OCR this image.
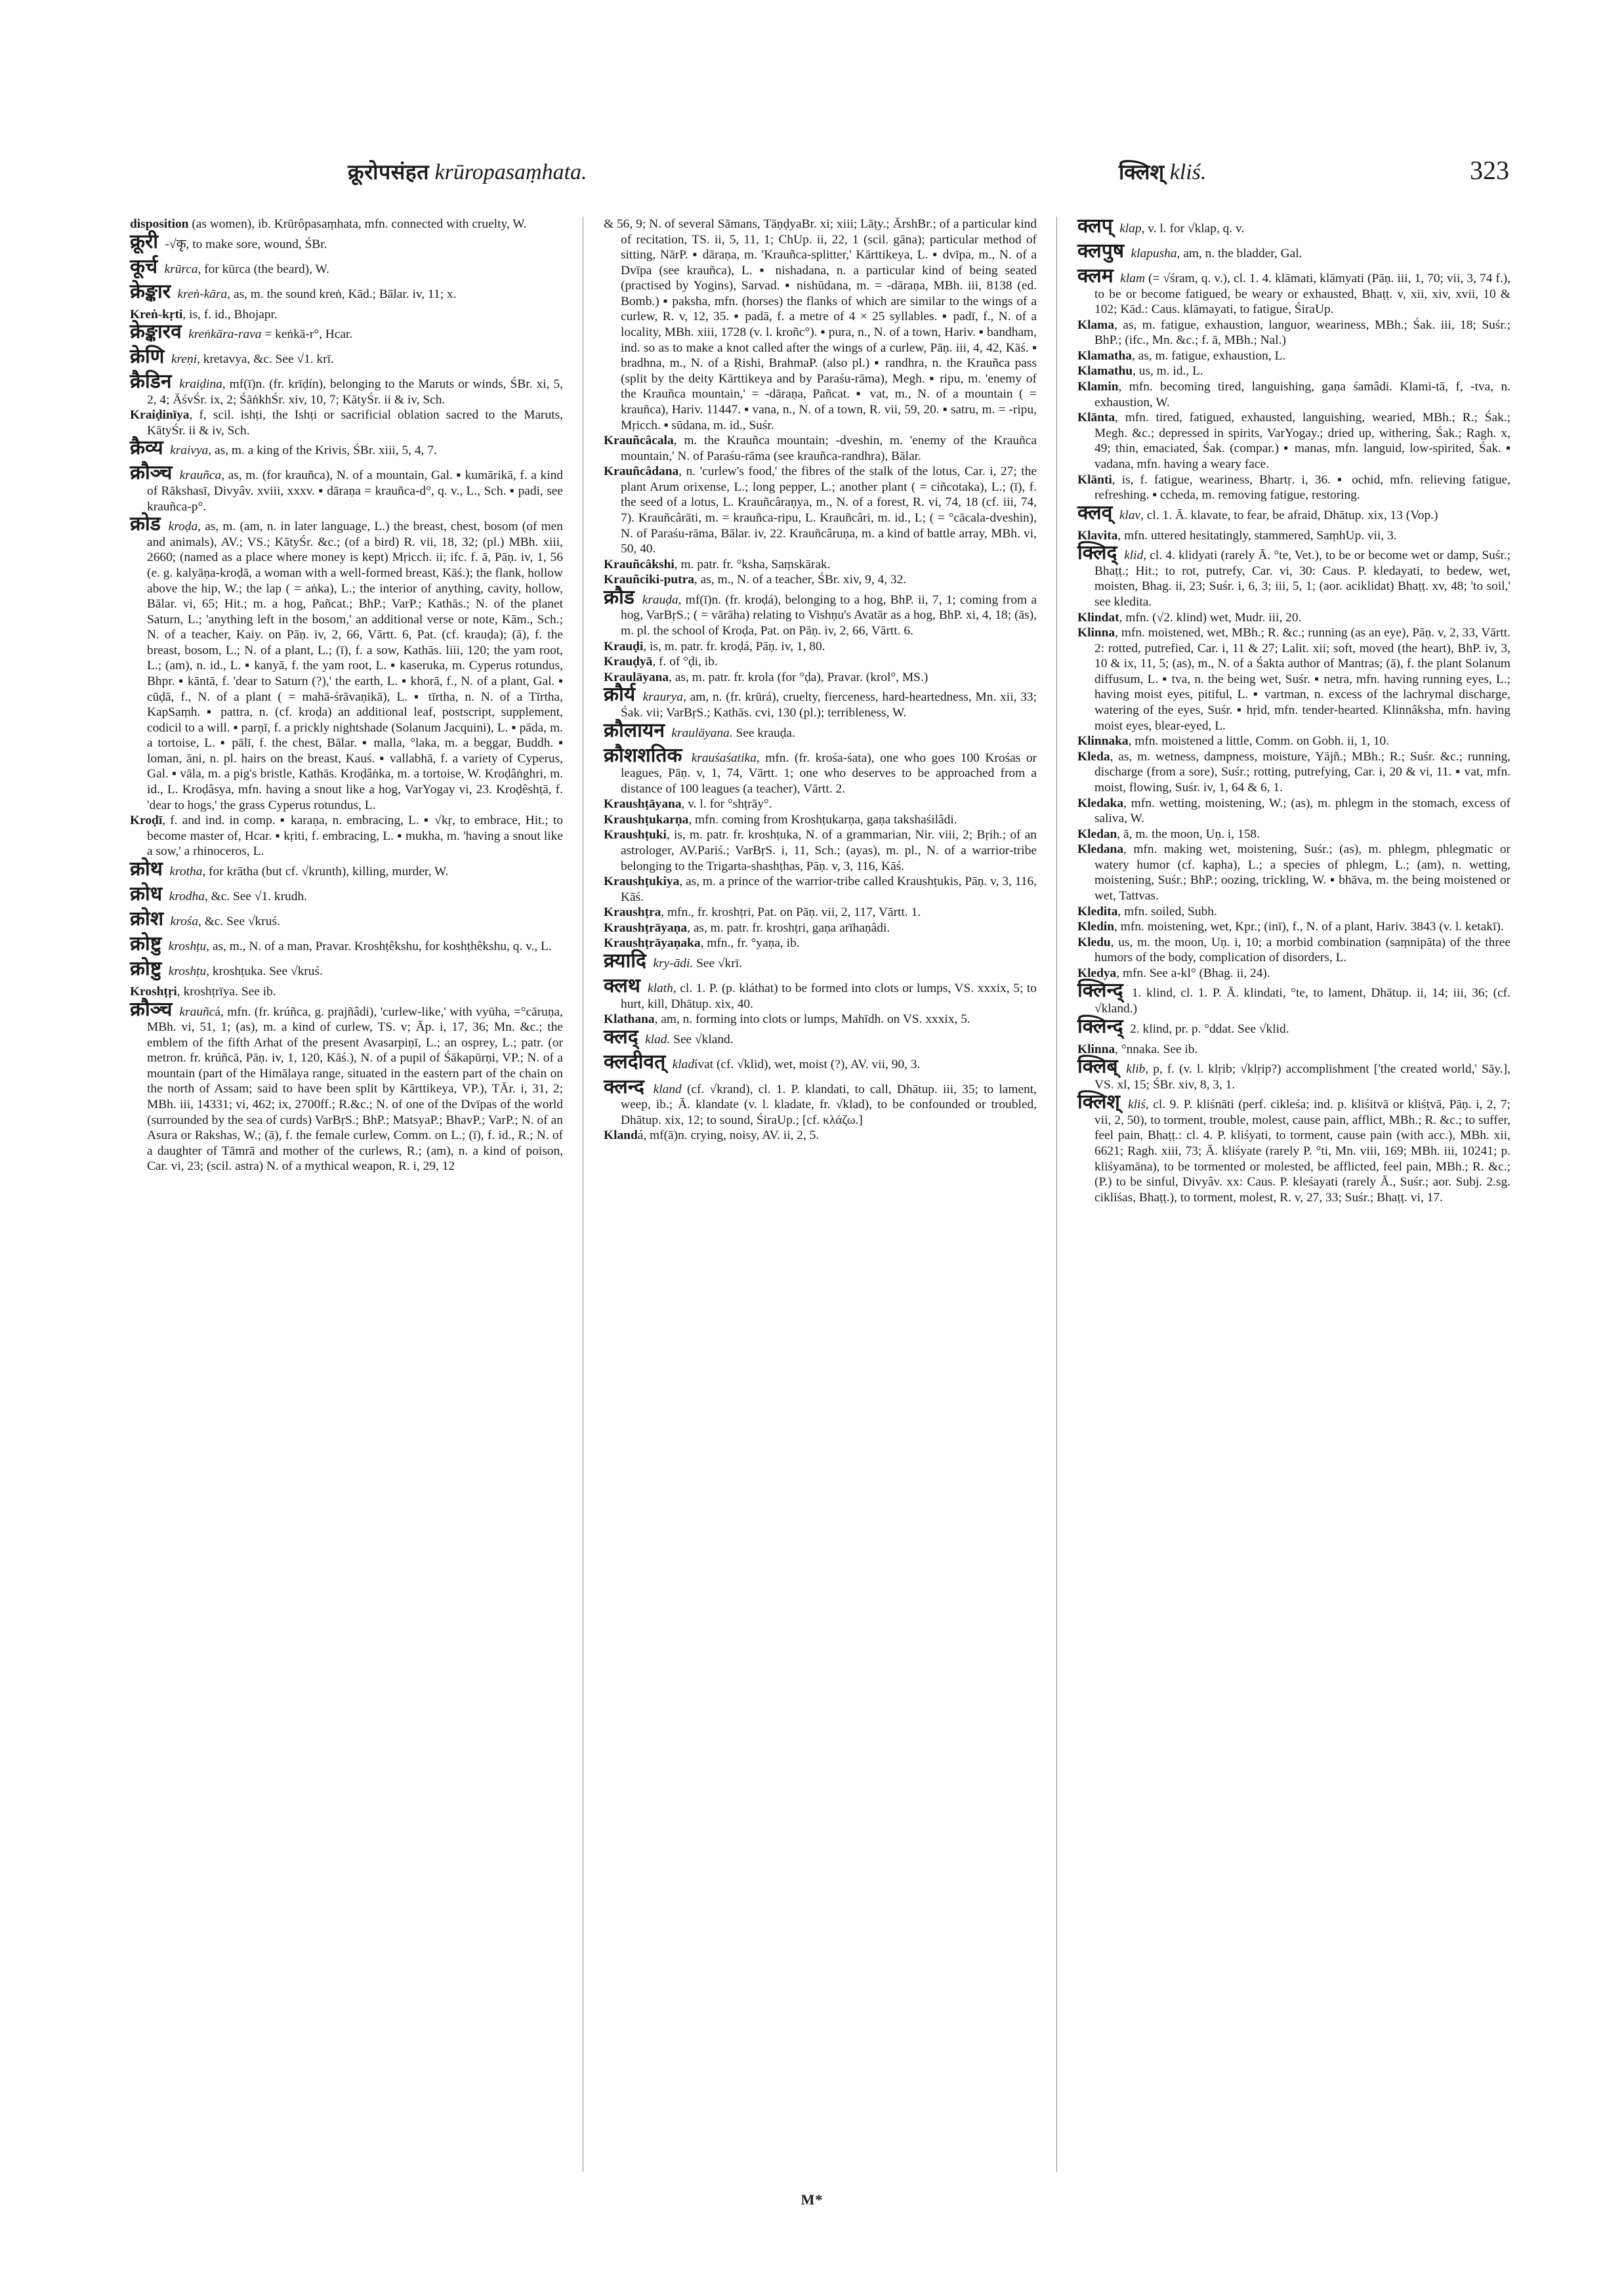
क्रूरोपसंहत krūropasaṃhata.	क्लिश् kliś.	323

disposition (as women), ib. Krūrôpasaṃhata, mfn. connected with cruelty, W.

क्रूरी -√कृ, to make sore, wound, ŚBr.

कूर्च krūrca, for kūrca (the beard), W.

क्रेङ्कार kreṅ-kāra, as, m. the sound kreṅ, Kād.; Bālar. iv, 11; x.

Kreṅ-kṛti, is, f. id., Bhojapr.

क्रेङ्कारव kreṅkāra-rava = keṅkā-r°, Hcar.

क्रेणि kreṇi, kretavya, &c. See √1. krī.

क्रैडिन kraiḍina, mf(ī)n. (fr. krīḍín), belonging to the Maruts or winds, ŚBr. xi, 5, 2, 4; ĀśvŚr. ix, 2; ŚāṅkhŚr. xiv, 10, 7; KātyŚr. ii & iv, Sch.

Kraiḍinīya, f, scil. ishṭi, the Ishṭi or sacrificial oblation sacred to the Maruts, KātyŚr. ii & iv, Sch.

क्रैव्य kraivya, as, m. a king of the Krivis, ŚBr. xiii, 5, 4, 7.

क्रौञ्च krauñca, as, m. (for krauñca), N. of a mountain, Gal. ▪ kumārikā, f. a kind of Rākshasī, Divyâv. xviii, xxxv. ▪ dāraṇa = krauñca-d°, q. v., L., Sch. ▪ padi, see krauñca-p°.

क्रोड kroḍa, as, m. (am, n. in later language, L.) the breast, chest, bosom (of men and animals), AV.; VS.; KātyŚr. &c.; (of a bird) R. vii, 18, 32; (pl.) MBh. xiii, 2660; (named as a place where money is kept) Mṛicch. ii; ifc. f. ā, Pāṇ. iv, 1, 56 (e. g. kalyāṇa-kroḍā, a woman with a well-formed breast, Kāś.); the flank, hollow above the hip, W.; the lap ( = aṅka), L.; the interior of anything, cavity, hollow, Bālar. vi, 65; Hit.; m. a hog, Pañcat.; BhP.; VarP.; Kathās.; N. of the planet Saturn, L.; 'anything left in the bosom,' an additional verse or note, Kām., Sch.; N. of a teacher, Kaiy. on Pāṇ. iv, 2, 66, Vārtt. 6, Pat. (cf. krauḍa); (ā), f. the breast, bosom, L.; N. of a plant, L.; (ī), f. a sow, Kathās. liii, 120; the yam root, L.; (am), n. id., L. ▪ kanyā, f. the yam root, L. ▪ kaseruka, m. Cyperus rotundus, Bhpr. ▪ kāntā, f. 'dear to Saturn (?),' the earth, L. ▪ khorā, f., N. of a plant, Gal. ▪ cūḍā, f., N. of a plant ( = mahā-śrāvaṇikā), L. ▪ tīrtha, n. N. of a Tīrtha, KapSaṃh. ▪ pattra, n. (cf. kroḍa) an additional leaf, postscript, supplement, codicil to a will. ▪ parṇī, f. a prickly nightshade (Solanum Jacquini), L. ▪ pāda, m. a tortoise, L. ▪ pālī, f. the chest, Bālar. ▪ malla, °laka, m. a beggar, Buddh. ▪ loman, āni, n. pl. hairs on the breast, Kauś. ▪ vallabhā, f. a variety of Cyperus, Gal. ▪ vāla, m. a pig's bristle, Kathās. Kroḍâṅka, m. a tortoise, W. Kroḍâṅghri, m. id., L. Kroḍâsya, mfn. having a snout like a hog, VarYogay vi, 23. Kroḍêshṭā, f. 'dear to hogs,' the grass Cyperus rotundus, L.

Kroḍī, f. and ind. in comp. ▪ karaṇa, n. embracing, L. ▪ √kṛ, to embrace, Hit.; to become master of, Hcar. ▪ kṛiti, f. embracing, L. ▪ mukha, m. 'having a snout like a sow,' a rhinoceros, L.

क्रोथ krotha, for krātha (but cf. √krunth), killing, murder, W.

क्रोध krodha, &c. See √1. krudh.

क्रोश krośa, &c. See √kruś.

क्रोष्टु kroshṭu, as, m., N. of a man, Pravar. Kroshṭêkshu, for koshṭhêkshu, q. v., L.

क्रोष्टु kroshṭu, kroshṭuka. See √kruś.

Kroshṭṛi, kroshṭrīya. See ib.

क्रौञ्च krauñcá, mfn. (fr. krúñca, g. prajñâdi), 'curlew-like,' with vyūha, =°cāruṇa, MBh. vi, 51, 1; (as), m. a kind of curlew, TS. v; Āp. i, 17, 36; Mn. &c.; the emblem of the fifth Arhat of the present Avasarpiṇī, L.; an osprey, L.; patr. (or metron. fr. krúñcā, Pāṇ. iv, 1, 120, Kāś.), N. of a pupil of Śākapūrṇi, VP.; N. of a mountain (part of the Himālaya range, situated in the eastern part of the chain on the north of Assam; said to have been split by Kārttikeya, VP.), TĀr. i, 31, 2; MBh. iii, 14331; vi, 462; ix, 2700ff.; R.&c.; N. of one of the Dvīpas of the world (surrounded by the sea of curds) VarBṛS.; BhP.; MatsyaP.; BhavP.; VarP.; N. of an Asura or Rakshas, W.; (ā), f. the female curlew, Comm. on L.; (ī), f. id., R.; N. of a daughter of Tāmrā and mother of the curlews, R.; (am), n. a kind of poison, Car. vi, 23; (scil. astra) N. of a mythical weapon, R. i, 29, 12

& 56, 9; N. of several Sāmans, TāṇḍyaBr. xi; xiii; Lāṭy.; ĀrshBr.; of a particular kind of recitation, TS. ii, 5, 11, 1; ChUp. ii, 22, 1 (scil. gāna); particular method of sitting, NārP. ▪ dāraṇa, m. 'Krauñca-splitter,' Kārttikeya, L. ▪ dvīpa, m., N. of a Dvīpa (see krauñca), L. ▪ nishadana, n. a particular kind of being seated (practised by Yogins), Sarvad. ▪ nishūdana, m. = -dāraṇa, MBh. iii, 8138 (ed. Bomb.) ▪ paksha, mfn. (horses) the flanks of which are similar to the wings of a curlew, R. v, 12, 35. ▪ padā, f. a metre of 4 × 25 syllables. ▪ padī, f., N. of a locality, MBh. xiii, 1728 (v. l. kroñc°). ▪ pura, n., N. of a town, Hariv. ▪ bandham, ind. so as to make a knot called after the wings of a curlew, Pāṇ. iii, 4, 42, Kāś. ▪ bradhna, m., N. of a Ṛishi, BrahmaP. (also pl.) ▪ randhra, n. the Krauñca pass (split by the deity Kārttikeya and by Paraśu-rāma), Megh. ▪ ripu, m. 'enemy of the Krauñca mountain,' = -dāraṇa, Pañcat. ▪ vat, m., N. of a mountain ( = krauñca), Hariv. 11447. ▪ vana, n., N. of a town, R. vii, 59, 20. ▪ satru, m. = -ripu, Mṛicch. ▪ sūdana, m. id., Suśr.

Krauñcâcala, m. the Krauñca mountain; -dveshin, m. 'enemy of the Krauñca mountain,' N. of Paraśu-rāma (see krauñca-randhra), Bālar.

Krauñcâdana, n. 'curlew's food,' the fibres of the stalk of the lotus, Car. i, 27; the plant Arum orixense, L.; long pepper, L.; another plant ( = ciñcotaka), L.; (ī), f. the seed of a lotus, L. Krauñcâraṇya, m., N. of a forest, R. vi, 74, 18 (cf. iii, 74, 7). Krauñcârāti, m. = krauñca-ripu, L. Krauñcâri, m. id., L; ( = °cācala-dveshin), N. of Paraśu-rāma, Bālar. iv, 22. Krauñcâruṇa, m. a kind of battle array, MBh. vi, 50, 40.

Krauñcâkshi, m. patr. fr. °ksha, Saṃskārak.

Krauñciki-putra, as, m., N. of a teacher, ŚBr. xiv, 9, 4, 32.

क्रौड krauḍa, mf(ī)n. (fr. kroḍá), belonging to a hog, BhP. ii, 7, 1; coming from a hog, VarBṛS.; ( = vārāha) relating to Vishṇu's Avatār as a hog, BhP. xi, 4, 18; (ās), m. pl. the school of Kroḍa, Pat. on Pāṇ. iv, 2, 66, Vārtt. 6.

Krauḍi, is, m. patr. fr. kroḍá, Pāṇ. iv, 1, 80.

Krauḍyā, f. of °ḍi, ib.

Kraulāyana, as, m. patr. fr. krola (for °ḍa), Pravar. (krol°, MS.)

क्रौर्य kraurya, am, n. (fr. krūrá), cruelty, fierceness, hard-heartedness, Mn. xii, 33; Śak. vii; VarBṛS.; Kathās. cvi, 130 (pl.); terribleness, W.

क्रौलायन kraulāyana. See krauḍa.

क्रौशशतिक krauśaśatika, mfn. (fr. krośa-śata), one who goes 100 Krośas or leagues, Pāṇ. v, 1, 74, Vārtt. 1; one who deserves to be approached from a distance of 100 leagues (a teacher), Vārtt. 2.

Kraushṭāyana, v. l. for °shṭrāy°.

Kraushṭukarṇa, mfn. coming from Kroshṭukarṇa, gaṇa takshaśilâdi.

Kraushṭuki, is, m. patr. fr. kroshṭuka, N. of a grammarian, Nir. viii, 2; Bṛih.; of an astrologer, AV.Pariś.; VarBṛS. i, 11, Sch.; (ayas), m. pl., N. of a warrior-tribe belonging to the Trigarta-shashṭhas, Pāṇ. v, 3, 116, Kāś.

Kraushṭukiya, as, m. a prince of the warrior-tribe called Kraushṭukis, Pāṇ. v, 3, 116, Kāś.

Kraushṭra, mfn., fr. kroshṭri, Pat. on Pāṇ. vii, 2, 117, Vārtt. 1.

Kraushṭrāyaṇa, as, m. patr. fr. kroshṭri, gaṇa arīhaṇâdi.

Kraushṭrāyaṇaka, mfn., fr. °yaṇa, ib.

क्र्यादि kry-ādi. See √krī.

क्लथ klath, cl. 1. P. (p. kláthat) to be formed into clots or lumps, VS. xxxix, 5; to hurt, kill, Dhātup. xix, 40.

Klathana, am, n. forming into clots or lumps, Mahīdh. on VS. xxxix, 5.

क्लद् klad. See √kland.

क्लदीवत् kladívat (cf. √klid), wet, moist (?), AV. vii, 90, 3.

क्लन्द kland (cf. √krand), cl. 1. P. klandati, to call, Dhātup. iii, 35; to lament, weep, ib.; Ā. klandate (v. l. kladate, fr. √klad), to be confounded or troubled, Dhātup. xix, 12; to sound, ŚirаUp.; [cf. κλάζω.]

Klandá, mf(ā)n. crying, noisy, AV. ii, 2, 5.

क्लप् klap, v. l. for √klap, q. v.

क्लपुष klapusha, am, n. the bladder, Gal.

क्लम klam (= √śram, q. v.), cl. 1. 4. klāmati, klāmyati (Pāṇ. iii, 1, 70; vii, 3, 74 f.), to be or become fatigued, be weary or exhausted, Bhaṭṭ. v, xii, xiv, xvii, 10 & 102; Kād.: Caus. klāmayati, to fatigue, ŚirаUp.

Klama, as, m. fatigue, exhaustion, languor, weariness, MBh.; Śak. iii, 18; Suśr.; BhP.; (ifc., Mn. &c.; f. ā, MBh.; Nal.)

Klamatha, as, m. fatigue, exhaustion, L.

Klamathu, us, m. id., L.

Klamin, mfn. becoming tired, languishing, gaṇa śamâdi. Klami-tā, f, -tva, n. exhaustion, W.

Klānta, mfn. tired, fatigued, exhausted, languishing, wearied, MBh.; R.; Śak.; Megh. &c.; depressed in spirits, VarYogay.; dried up, withering, Śak.; Ragh. x, 49; thin, emaciated, Śak. (compar.) ▪ manas, mfn. languid, low-spirited, Śak. ▪ vadana, mfn. having a weary face.

Klānti, is, f. fatigue, weariness, Bhartṛ. i, 36. ▪ ochid, mfn. relieving fatigue, refreshing. ▪ ccheda, m. removing fatigue, restoring.

क्लव् klav, cl. 1. Ā. klavate, to fear, be afraid, Dhātup. xix, 13 (Vop.)

Klavita, mfn. uttered hesitatingly, stammered, SaṃhUp. vii, 3.

क्लिद् klid, cl. 4. klidyati (rarely Ā. °te, Vet.), to be or become wet or damp, Suśr.; Bhaṭṭ.; Hit.; to rot, putrefy, Car. vi, 30: Caus. P. kledayati, to bedew, wet, moisten, Bhag. ii, 23; Suśr. i, 6, 3; iii, 5, 1; (aor. aciklidat) Bhaṭṭ. xv, 48; 'to soil,' see kledita.

Klindat, mfn. (√2. klind) wet, Mudr. iii, 20.

Klinna, mfn. moistened, wet, MBh.; R. &c.; running (as an eye), Pāṇ. v, 2, 33, Vārtt. 2: rotted, putrefied, Car. i, 11 & 27; Lalit. xii; soft, moved (the heart), BhP. iv, 3, 10 & ix, 11, 5; (as), m., N. of a Śakta author of Mantras; (ā), f. the plant Solanum diffusum, L. ▪ tva, n. the being wet, Suśr. ▪ netra, mfn. having running eyes, L.; having moist eyes, pitiful, L. ▪ vartman, n. excess of the lachrymal discharge, watering of the eyes, Suśr. ▪ hṛid, mfn. tender-hearted. Klinnâksha, mfn. having moist eyes, blear-eyed, L.

Klinnaka, mfn. moistened a little, Comm. on Gobh. ii, 1, 10.

Kleda, as, m. wetness, dampness, moisture, Yājñ.; MBh.; R.; Suśr. &c.; running, discharge (from a sore), Suśr.; rotting, putrefying, Car. i, 20 & vi, 11. ▪ vat, mfn. moist, flowing, Suśr. iv, 1, 64 & 6, 1.

Kledaka, mfn. wetting, moistening, W.; (as), m. phlegm in the stomach, excess of saliva, W.

Kledan, ā, m. the moon, Uṇ. i, 158.

Kledana, mfn. making wet, moistening, Suśr.; (as), m. phlegm, phlegmatic or watery humor (cf. kapha), L.; a species of phlegm, L.; (am), n. wetting, moistening, Suśr.; BhP.; oozing, trickling, W. ▪ bhāva, m. the being moistened or wet, Tattvas.

Kledita, mfn. soiled, Subh.

Kledin, mfn. moistening, wet, Kpr.; (inī), f., N. of a plant, Hariv. 3843 (v. l. ketakī).

Kledu, us, m. the moon, Uṇ. i, 10; a morbid combination (saṃnipāta) of the three humors of the body, complication of disorders, L.

Kledya, mfn. See a-kl° (Bhag. ii, 24).

क्लिन्द् 1. klind, cl. 1. P. Ā. klindati, °te, to lament, Dhātup. ii, 14; iii, 36; (cf. √kland.)

क्लिन्द् 2. klind, pr. p. °ddat. See √klid.

Klinna, °nnaka. See ib.

क्लिब् klib, p, f. (v. l. klṛib; √klṛip?) accomplishment ['the created world,' Sāy.], VS. xl, 15; ŚBr. xiv, 8, 3, 1.

क्लिश् kliś, cl. 9. P. kliśnāti (perf. cikleśa; ind. p. kliśitvā or kliśṭvā, Pāṇ. i, 2, 7; vii, 2, 50), to torment, trouble, molest, cause pain, afflict, MBh.; R. &c.; to suffer, feel pain, Bhaṭṭ.: cl. 4. P. kliśyati, to torment, cause pain (with acc.), MBh. xii, 6621; Ragh. xiii, 73; Ā. kliśyate (rarely P. °ti, Mn. viii, 169; MBh. iii, 10241; p. kliśyamāna), to be tormented or molested, be afflicted, feel pain, MBh.; R. &c.; (P.) to be sinful, Divyâv. xx: Caus. P. kleśayati (rarely Ā., Suśr.; aor. Subj. 2.sg. cikliśas, Bhaṭṭ.), to torment, molest, R. v, 27, 33; Suśr.; Bhaṭṭ. vi, 17.

M*
